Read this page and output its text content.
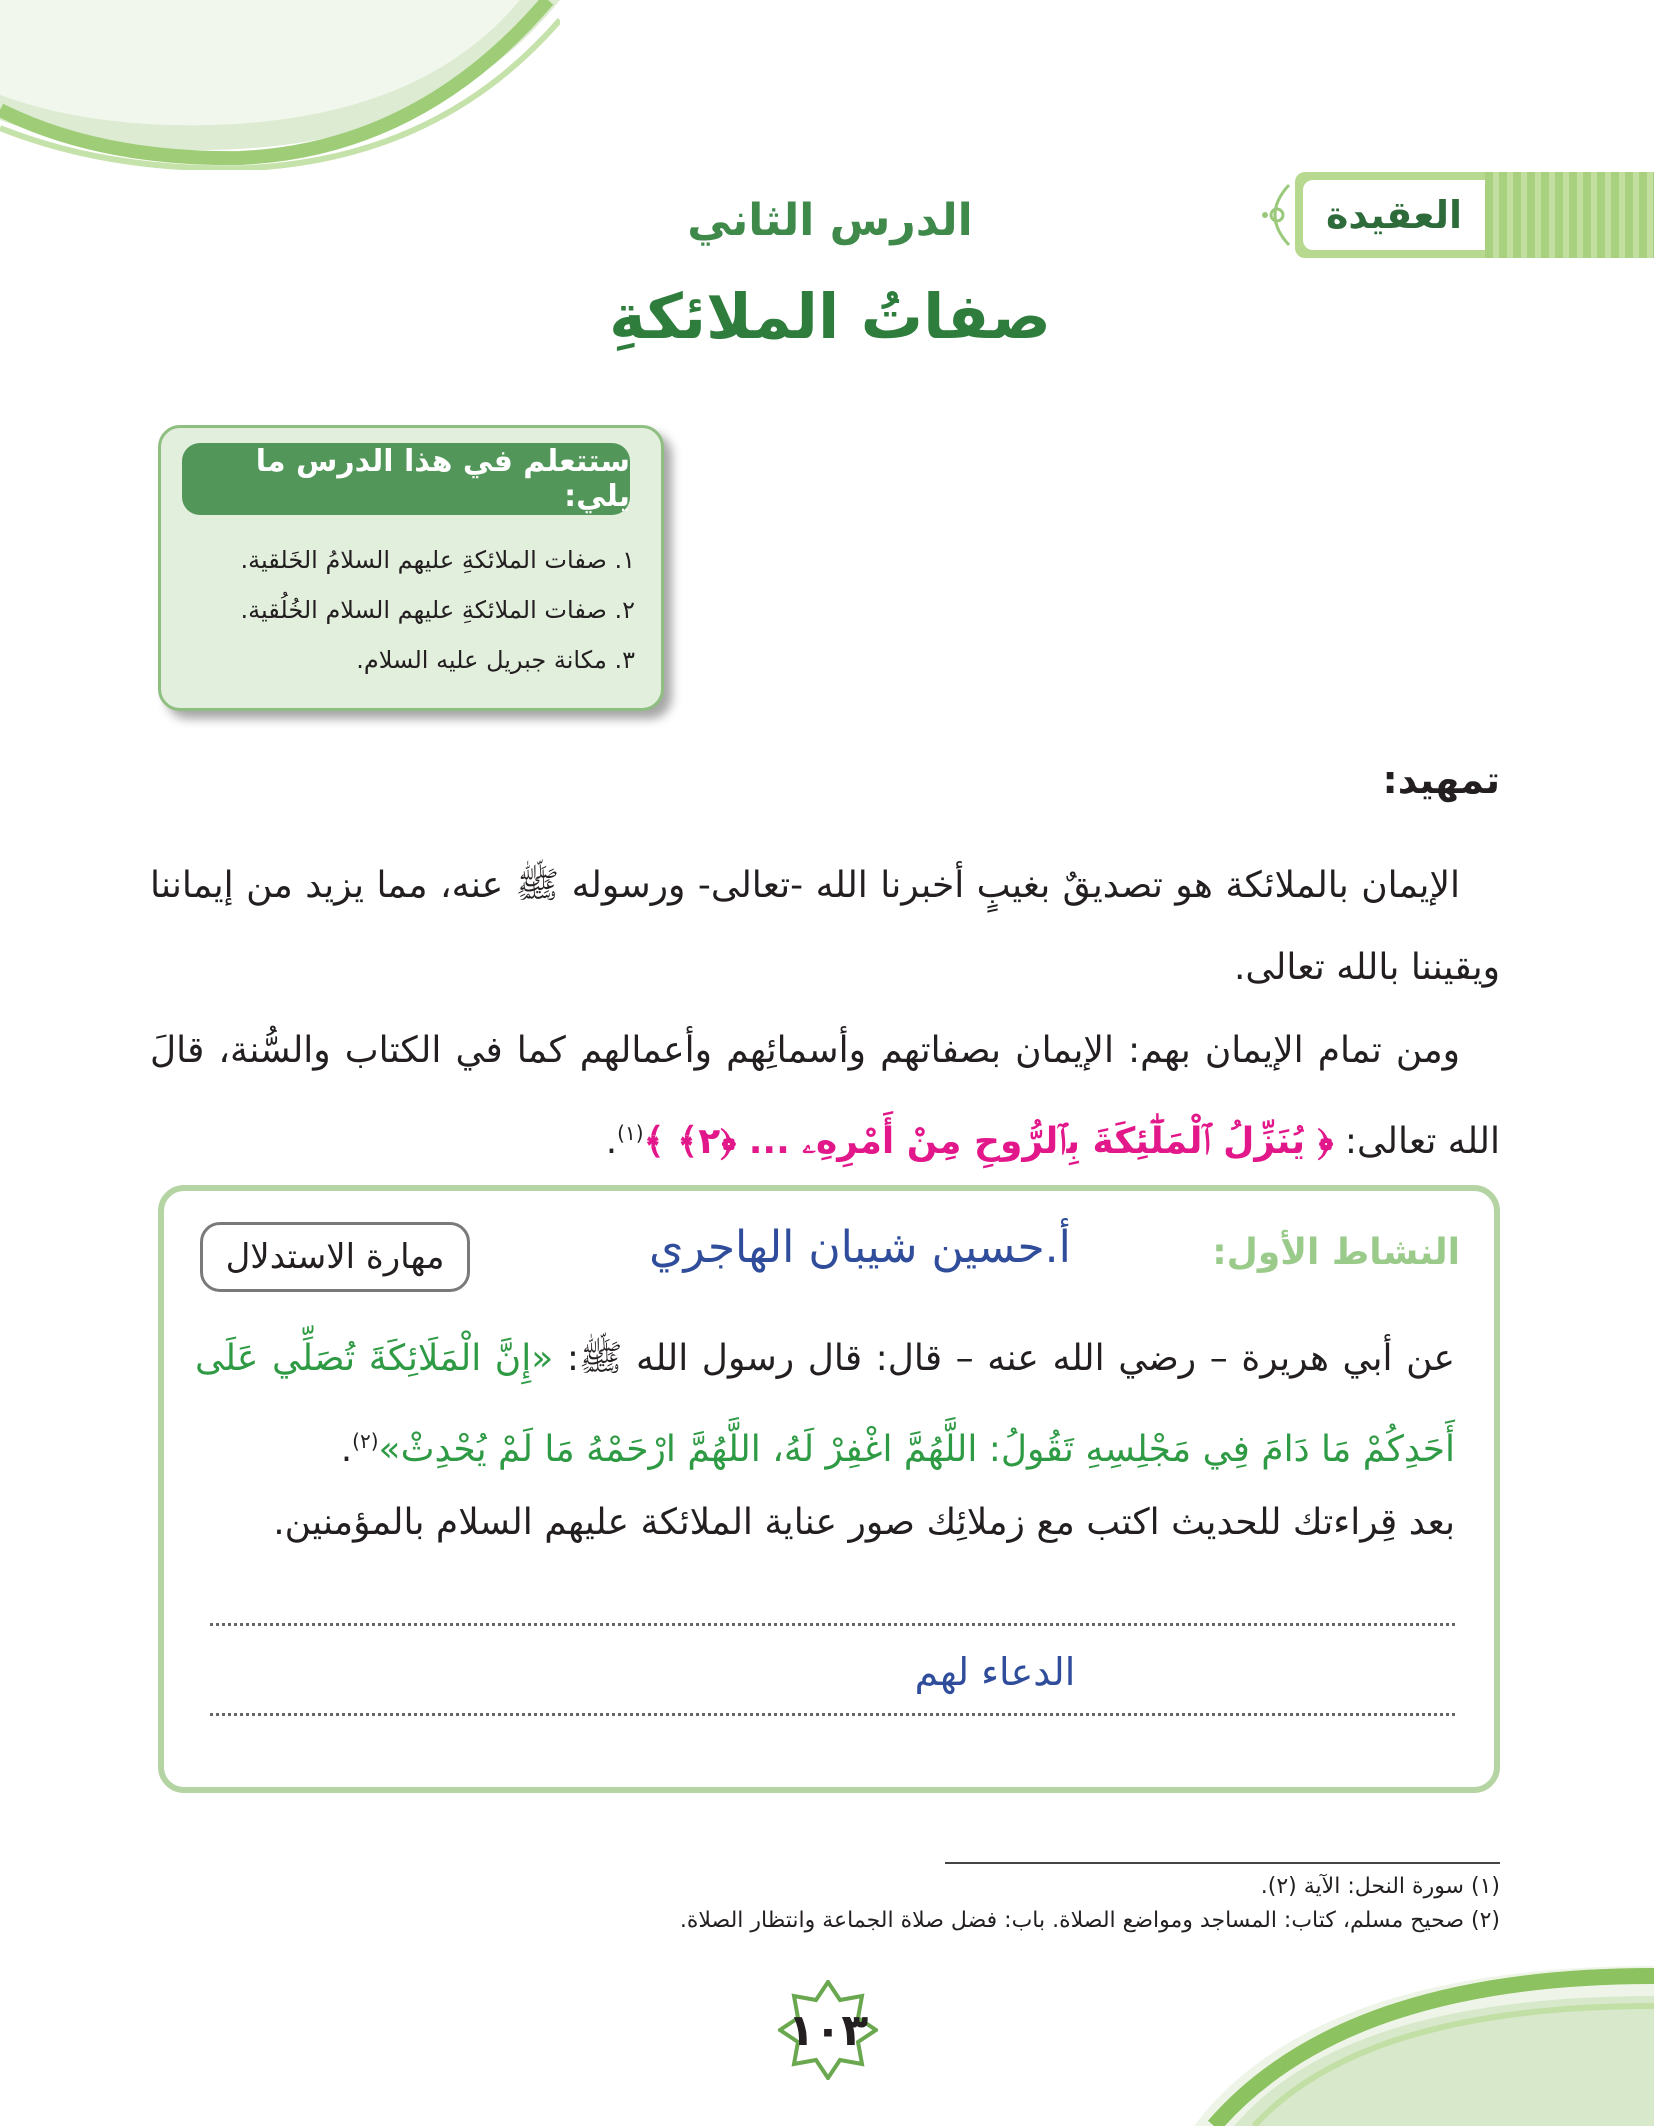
العقيدة
الدرس الثاني
صفاتُ الملائكةِ
ستتعلم في هذا الدرس ما يلي:
١. صفات الملائكةِ عليهم السلامُ الخَلقية.
٢. صفات الملائكةِ عليهم السلام الخُلُقية.
٣. مكانة جبريل عليه السلام.
تمهيد:
الإيمان بالملائكة هو تصديقٌ بغيبٍ أخبرنا الله -تعالى- ورسوله ﷺ عنه، مما يزيد من إيماننا ويقيننا بالله تعالى.
ومن تمام الإيمان بهم: الإيمان بصفاتهم وأسمائِهم وأعمالهم كما في الكتاب والسُّنة، قالَ الله تعالى: ﴿ يُنَزِّلُ ٱلْمَلَٰٓئِكَةَ بِٱلرُّوحِ مِنْ أَمْرِهِۦ ... ﴿٢﴾ ﴾$^{(١)}$.
النشاط الأول:
أ.حسين شيبان الهاجري
مهارة الاستدلال
عن أبي هريرة – رضي الله عنه – قال: قال رسول الله ﷺ: «إِنَّ الْمَلَائِكَةَ تُصَلِّي عَلَى أَحَدِكُمْ مَا دَامَ فِي مَجْلِسِهِ تَقُولُ: اللَّهُمَّ اغْفِرْ لَهُ، اللَّهُمَّ ارْحَمْهُ مَا لَمْ يُحْدِثْ»$^{(٢)}$.
بعد قِراءتك للحديث اكتب مع زملائِك صور عناية الملائكة عليهم السلام بالمؤمنين.
الدعاء لهم
(١) سورة النحل: الآية (٢).
(٢) صحيح مسلم، كتاب: المساجد ومواضع الصلاة. باب: فضل صلاة الجماعة وانتظار الصلاة.
١٠٣
